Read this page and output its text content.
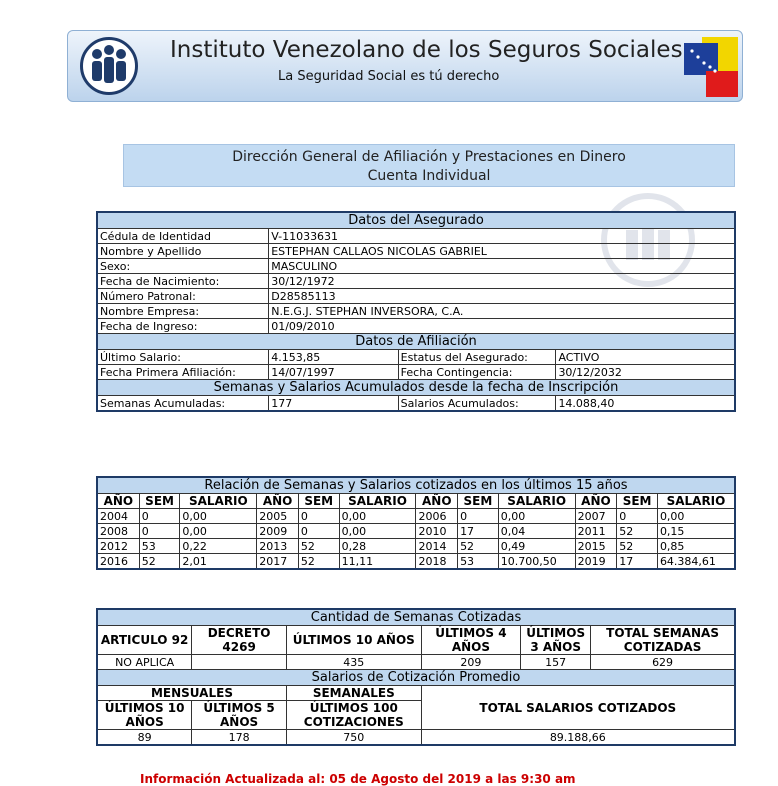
Instituto Venezolano de los Seguros Sociales
La Seguridad Social es tú derecho
Dirección General de Afiliación y Prestaciones en Dinero
Cuenta Individual
Datos del Asegurado			
Cédula de Identidad	V-11033631		
Nombre y Apellido	ESTEPHAN CALLAOS NICOLAS GABRIEL		
Sexo:	MASCULINO		
Fecha de Nacimiento:	30/12/1972		
Número Patronal:	D28585113		
Nombre Empresa:	N.E.G.J. STEPHAN INVERSORA, C.A.		
Fecha de Ingreso:	01/09/2010		
Datos de Afiliación			
Último Salario:	4.153,85	Estatus del Asegurado:	ACTIVO
Fecha Primera Afiliación:	14/07/1997	Fecha Contingencia:	30/12/2032
Semanas y Salarios Acumulados desde la fecha de Inscripción			
Semanas Acumuladas:	177	Salarios Acumulados:	14.088,40
Relación de Semanas y Salarios cotizados en los últimos 15 años											
AÑO	SEM	SALARIO	AÑO	SEM	SALARIO	AÑO	SEM	SALARIO	AÑO	SEM	SALARIO
2004	0	0,00	2005	0	0,00	2006	0	0,00	2007	0	0,00
2008	0	0,00	2009	0	0,00	2010	17	0,04	2011	52	0,15
2012	53	0,22	2013	52	0,28	2014	52	0,49	2015	52	0,85
2016	52	2,01	2017	52	11,11	2018	53	10.700,50	2019	17	64.384,61
Cantidad de Semanas Cotizadas					
ARTICULO 92	DECRETO 4269	ÚLTIMOS 10 AÑOS	ÚLTIMOS 4 AÑOS	ÚLTIMOS 3 AÑOS	TOTAL SEMANAS COTIZADAS
NO APLICA		435	209	157	629
Salarios de Cotización Promedio					
MENSUALES		SEMANALES	TOTAL SALARIOS COTIZADOS		
ÚLTIMOS 10 AÑOS	ÚLTIMOS 5 AÑOS	ÚLTIMOS 100 COTIZACIONES			
89	178	750	89.188,66		
Información Actualizada al: 05 de Agosto del 2019 a las 9:30 am
